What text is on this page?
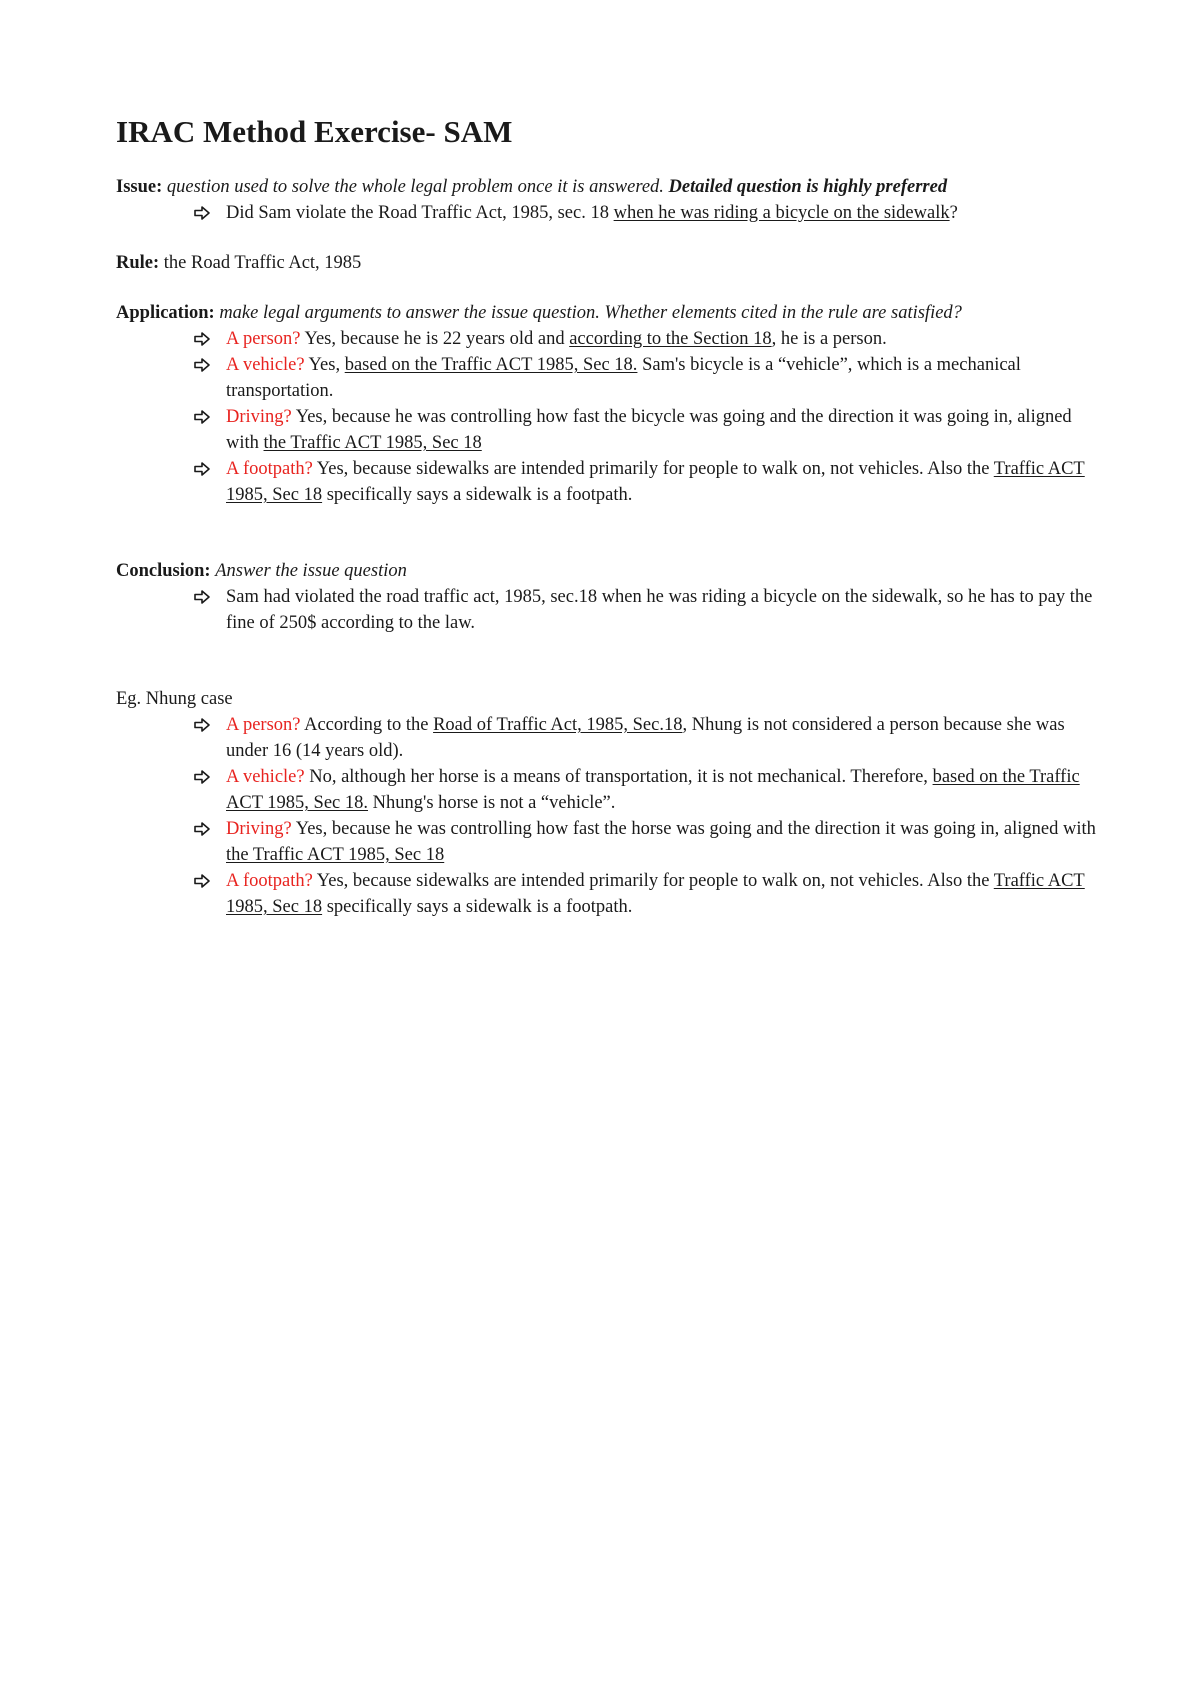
IRAC Method Exercise- SAM

Issue: question used to solve the whole legal problem once it is answered. Detailed question is highly preferred

Did Sam violate the Road Traffic Act, 1985, sec. 18 when he was riding a bicycle on the sidewalk?

Rule: the Road Traffic Act, 1985

Application: make legal arguments to answer the issue question. Whether elements cited in the rule are satisfied?

A person? Yes, because he is 22 years old and according to the Section 18, he is a person.
A vehicle? Yes, based on the Traffic ACT 1985, Sec 18. Sam's bicycle is a “vehicle”, which is a mechanical transportation.
Driving? Yes, because he was controlling how fast the bicycle was going and the direction it was going in, aligned with the Traffic ACT 1985, Sec 18
A footpath? Yes, because sidewalks are intended primarily for people to walk on, not vehicles. Also the Traffic ACT 1985, Sec 18 specifically says a sidewalk is a footpath.

Conclusion: Answer the issue question

Sam had violated the road traffic act, 1985, sec.18 when he was riding a bicycle on the sidewalk, so he has to pay the fine of 250$ according to the law.

Eg. Nhung case

A person? According to the Road of Traffic Act, 1985, Sec.18, Nhung is not considered a person because she was under 16 (14 years old).
A vehicle? No, although her horse is a means of transportation, it is not mechanical. Therefore, based on the Traffic ACT 1985, Sec 18. Nhung's horse is not a “vehicle”.
Driving? Yes, because he was controlling how fast the horse was going and the direction it was going in, aligned with the Traffic ACT 1985, Sec 18
A footpath? Yes, because sidewalks are intended primarily for people to walk on, not vehicles. Also the Traffic ACT 1985, Sec 18 specifically says a sidewalk is a footpath.
